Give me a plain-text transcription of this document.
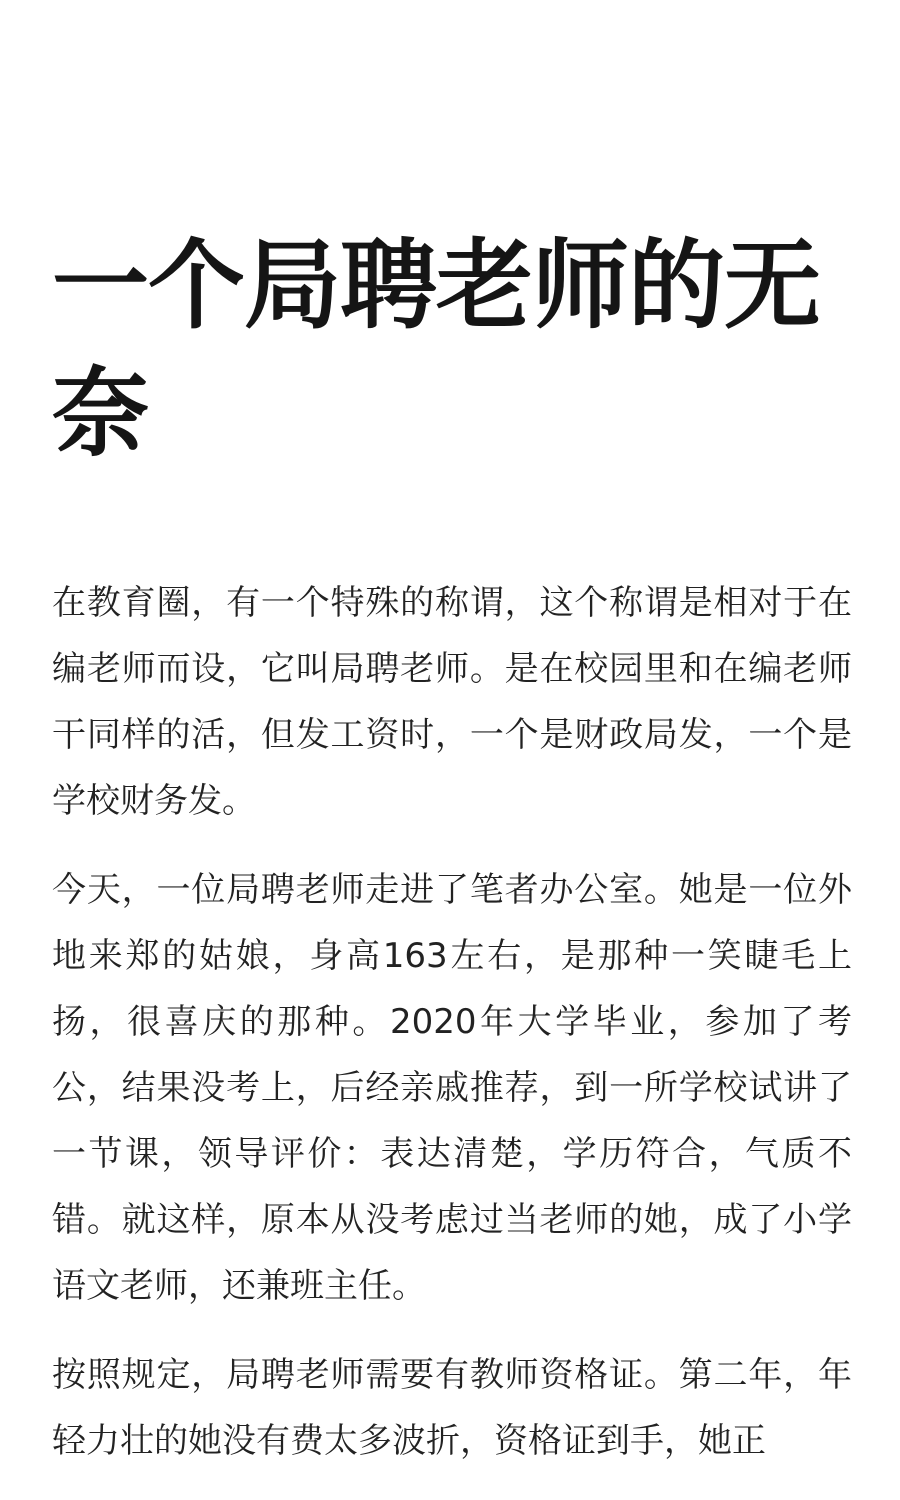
一个局聘老师的无奈

在教育圈，有一个特殊的称谓，这个称谓是相对于在编老师而设，它叫局聘老师。是在校园里和在编老师干同样的活，但发工资时，一个是财政局发，一个是学校财务发。

今天，一位局聘老师走进了笔者办公室。她是一位外地来郑的姑娘，身高163左右，是那种一笑睫毛上扬，很喜庆的那种。2020年大学毕业，参加了考公，结果没考上，后经亲戚推荐，到一所学校试讲了一节课，领导评价：表达清楚，学历符合，气质不错。就这样，原本从没考虑过当老师的她，成了小学语文老师，还兼班主任。

按照规定，局聘老师需要有教师资格证。第二年，年轻力壮的她没有费太多波折，资格证到手，她正
